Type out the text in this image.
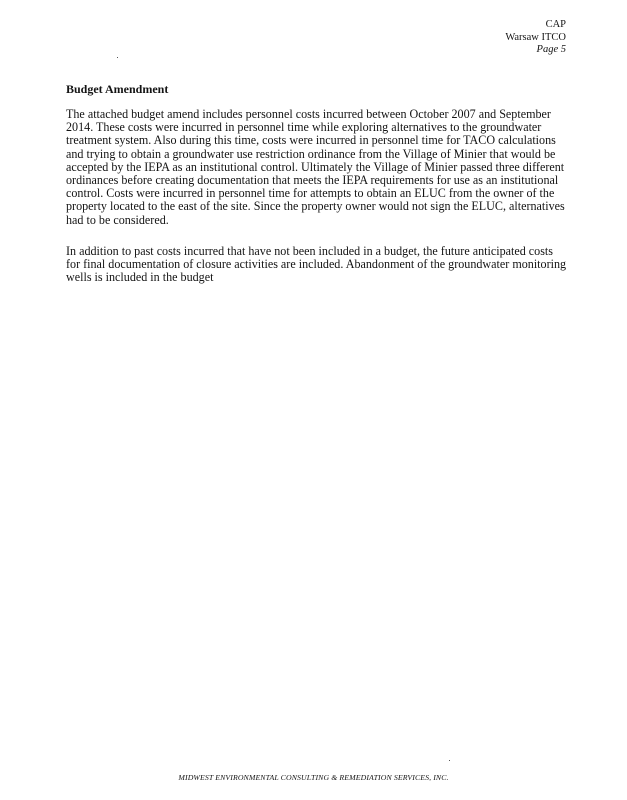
CAP
Warsaw ITCO
Page 5
Budget Amendment

The attached budget amend includes personnel costs incurred between October 2007 and September 2014. These costs were incurred in personnel time while exploring alternatives to the groundwater treatment system. Also during this time, costs were incurred in personnel time for TACO calculations and trying to obtain a groundwater use restriction ordinance from the Village of Minier that would be accepted by the IEPA as an institutional control. Ultimately the Village of Minier passed three different ordinances before creating documentation that meets the IEPA requirements for use as an institutional control. Costs were incurred in personnel time for attempts to obtain an ELUC from the owner of the property located to the east of the site. Since the property owner would not sign the ELUC, alternatives had to be considered.

In addition to past costs incurred that have not been included in a budget, the future anticipated costs for final documentation of closure activities are included. Abandonment of the groundwater monitoring wells is included in the budget

MIDWEST ENVIRONMENTAL CONSULTING & REMEDIATION SERVICES, INC.
